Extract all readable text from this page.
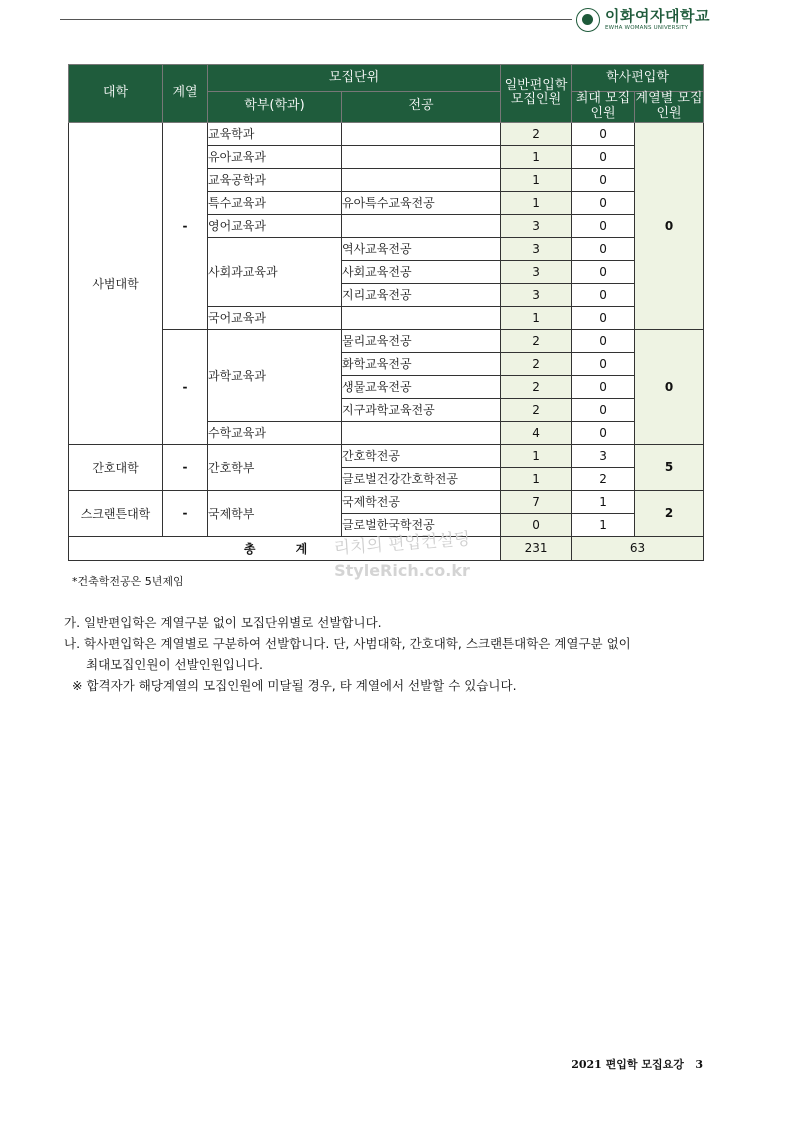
이화여자대학교
EWHA WOMANS UNIVERSITY
대학	계열	모집단위		일반편입학 모집인원	학사편입학	
		학부(학과)	전공		최대 모집인원	계열별 모집인원
사범대학	-	교육학과		2	0	0
		유아교육과		1	0	
		교육공학과		1	0	
		특수교육과	유아특수교육전공	1	0	
		영어교육과		3	0	
		사회과교육과	역사교육전공	3	0	
			사회교육전공	3	0	
			지리교육전공	3	0	
		국어교육과		1	0	
	-	과학교육과	물리교육전공	2	0	0
			화학교육전공	2	0	
			생물교육전공	2	0	
			지구과학교육전공	2	0	
		수학교육과		4	0	
간호대학	-	간호학부	간호학전공	1	3	5
			글로벌건강간호학전공	1	2	
스크랜튼대학	-	국제학부	국제학전공	7	1	2
			글로벌한국학전공	0	1	
총 계				231	63	
리치의 편입컨설팅
StyleRich.co.kr
*건축학전공은 5년제임
가. 일반편입학은 계열구분 없이 모집단위별로 선발합니다.
나. 학사편입학은 계열별로 구분하여 선발합니다. 단, 사범대학, 간호대학, 스크랜튼대학은 계열구분 없이
최대모집인원이 선발인원입니다.
※ 합격자가 해당계열의 모집인원에 미달될 경우, 타 계열에서 선발할 수 있습니다.
2021 편입학 모집요강 3
